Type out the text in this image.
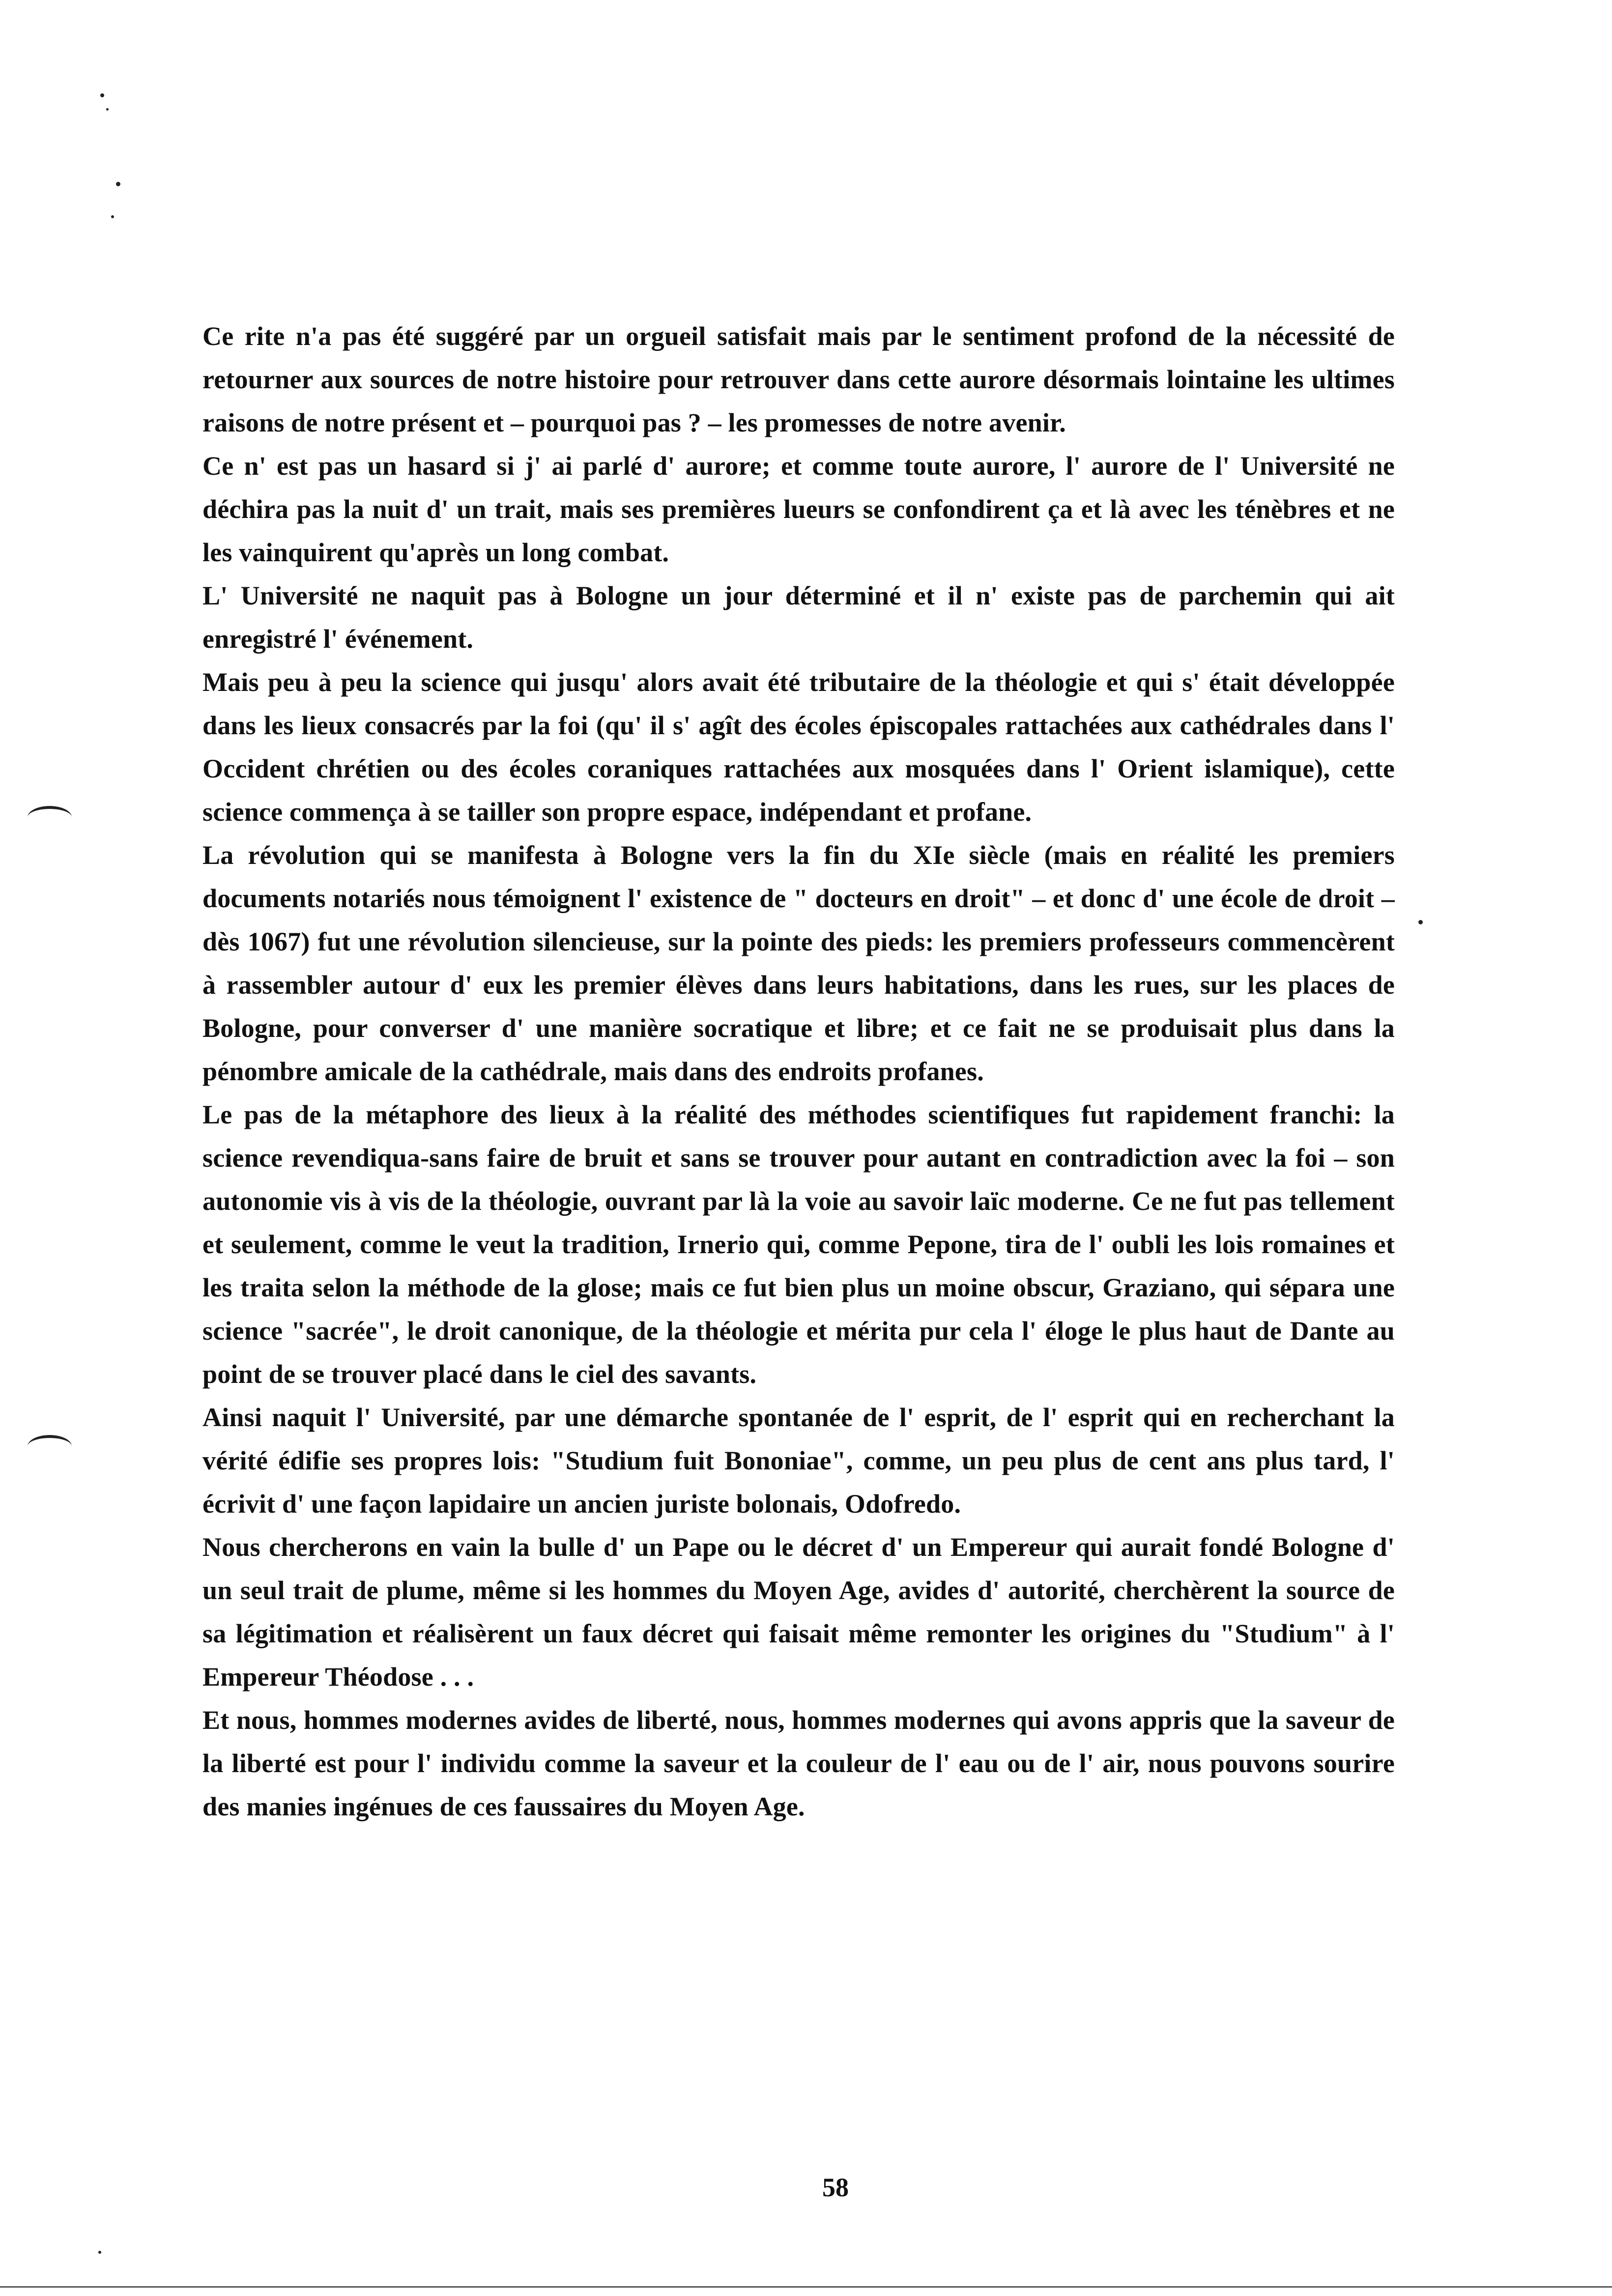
Ce rite n'a pas été suggéré par un orgueil satisfait mais par le sentiment profond de la nécessité de retourner aux sources de notre histoire pour retrouver dans cette aurore désormais lointaine les ultimes raisons de notre présent et – pourquoi pas ? – les promesses de notre avenir.

Ce n' est pas un hasard si j' ai parlé d' aurore; et comme toute aurore, l' aurore de l' Université ne déchira pas la nuit d' un trait, mais ses premières lueurs se confondirent ça et là avec les ténèbres et ne les vainquirent qu'après un long combat.

L' Université ne naquit pas à Bologne un jour déterminé et il n' existe pas de parchemin qui ait enregistré l' événement.

Mais peu à peu la science qui jusqu' alors avait été tributaire de la théologie et qui s' était développée dans les lieux consacrés par la foi (qu' il s' agît des écoles épiscopales rattachées aux cathédrales dans l' Occident chrétien ou des écoles coraniques rattachées aux mosquées dans l' Orient islamique), cette science commença à se tailler son propre espace, indépendant et profane.

La révolution qui se manifesta à Bologne vers la fin du XIe siècle (mais en réalité les premiers documents notariés nous témoignent l' existence de " docteurs en droit" – et donc d' une école de droit – dès 1067) fut une révolution silencieuse, sur la pointe des pieds: les premiers professeurs commencèrent à rassembler autour d' eux les premier élèves dans leurs habitations, dans les rues, sur les places de Bologne, pour converser d' une manière socratique et libre; et ce fait ne se produisait plus dans la pénombre amicale de la cathédrale, mais dans des endroits profanes.

Le pas de la métaphore des lieux à la réalité des méthodes scientifiques fut rapidement franchi: la science revendiqua-sans faire de bruit et sans se trouver pour autant en contradiction avec la foi – son autonomie vis à vis de la théologie, ouvrant par là la voie au savoir laïc moderne. Ce ne fut pas tellement et seulement, comme le veut la tradition, Irnerio qui, comme Pepone, tira de l' oubli les lois romaines et les traita selon la méthode de la glose; mais ce fut bien plus un moine obscur, Graziano, qui sépara une science "sacrée", le droit canonique, de la théologie et mérita pur cela l' éloge le plus haut de Dante au point de se trouver placé dans le ciel des savants.

Ainsi naquit l' Université, par une démarche spontanée de l' esprit, de l' esprit qui en recherchant la vérité édifie ses propres lois: "Studium fuit Bononiae", comme, un peu plus de cent ans plus tard, l' écrivit d' une façon lapidaire un ancien juriste bolonais, Odofredo.

Nous chercherons en vain la bulle d' un Pape ou le décret d' un Empereur qui aurait fondé Bologne d' un seul trait de plume, même si les hommes du Moyen Age, avides d' autorité, cherchèrent la source de sa légitimation et réalisèrent un faux décret qui faisait même remonter les origines du "Studium" à l' Empereur Théodose . . .

Et nous, hommes modernes avides de liberté, nous, hommes modernes qui avons appris que la saveur de la liberté est pour l' individu comme la saveur et la couleur de l' eau ou de l' air, nous pouvons sourire des manies ingénues de ces faussaires du Moyen Age.

58
